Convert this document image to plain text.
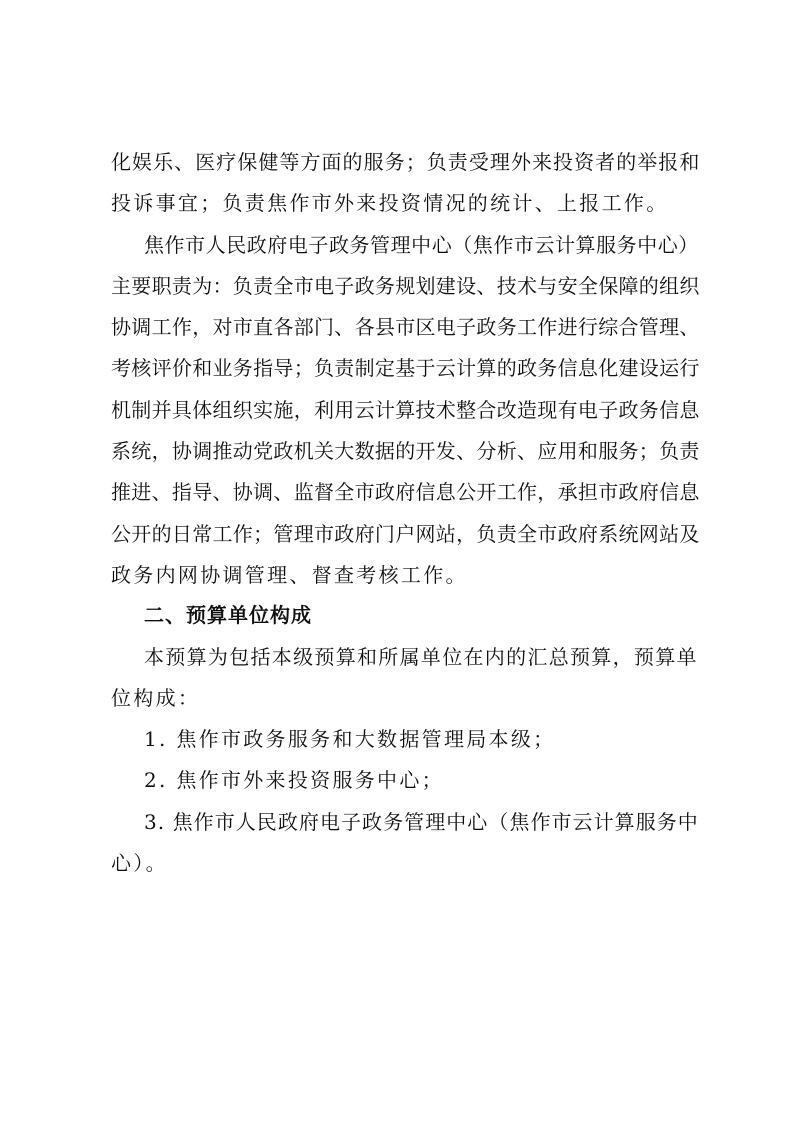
化娱乐、医疗保健等方面的服务；负责受理外来投资者的举报和
投诉事宜；负责焦作市外来投资情况的统计、上报工作。
焦作市人民政府电子政务管理中心（焦作市云计算服务中心）
主要职责为：负责全市电子政务规划建设、技术与安全保障的组织
协调工作，对市直各部门、各县市区电子政务工作进行综合管理、
考核评价和业务指导；负责制定基于云计算的政务信息化建设运行
机制并具体组织实施，利用云计算技术整合改造现有电子政务信息
系统，协调推动党政机关大数据的开发、分析、应用和服务；负责
推进、指导、协调、监督全市政府信息公开工作，承担市政府信息
公开的日常工作；管理市政府门户网站，负责全市政府系统网站及
政务内网协调管理、督查考核工作。
二、预算单位构成
本预算为包括本级预算和所属单位在内的汇总预算，预算单
位构成：
1. 焦作市政务服务和大数据管理局本级；
2. 焦作市外来投资服务中心；
3. 焦作市人民政府电子政务管理中心（焦作市云计算服务中
心）。
